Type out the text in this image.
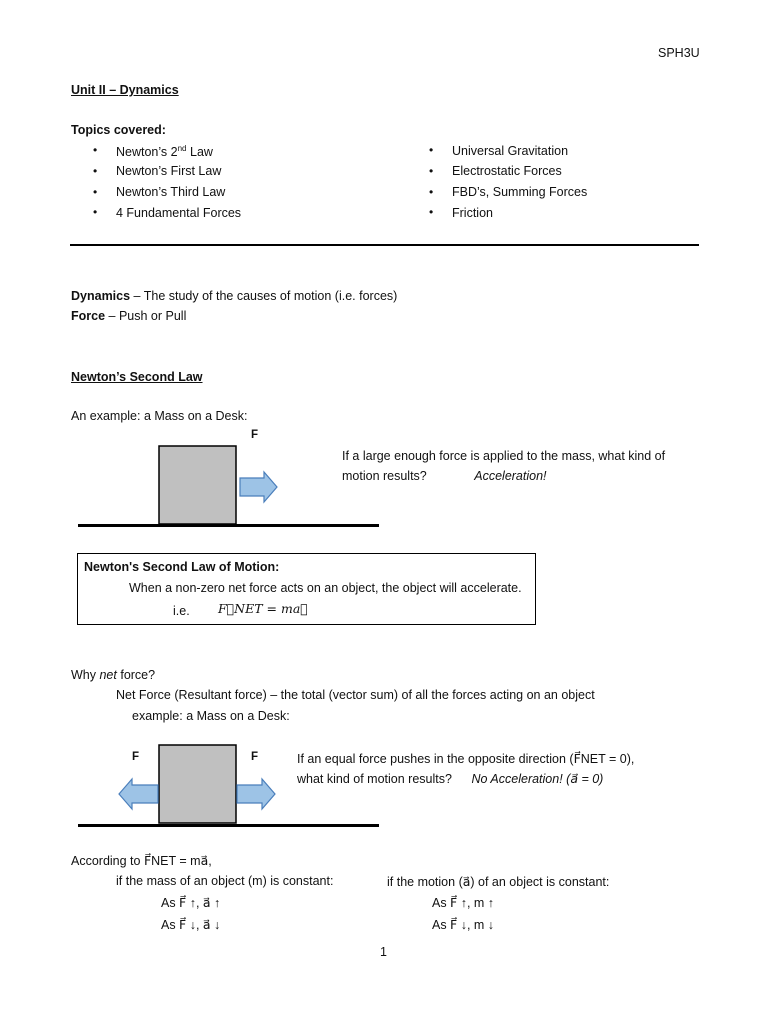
SPH3U
Unit II – Dynamics
Topics covered:
• Newton’s 2nd Law
• Newton’s First Law
• Newton’s Third Law
• 4 Fundamental Forces
• Universal Gravitation
• Electrostatic Forces
• FBD’s, Summing Forces
• Friction
Dynamics – The study of the causes of motion (i.e. forces)
Force – Push or Pull
Newton’s Second Law
An example: a Mass on a Desk:
F
If a large enough force is applied to the mass, what kind of
motion results?	Acceleration!
Newton's Second Law of Motion:
When a non-zero net force acts on an object, the object will accelerate.
i.e. F⃗NET = ma⃗
Why net force?
Net Force (Resultant force) – the total (vector sum) of all the forces acting on an object
example: a Mass on a Desk:
F	F	If an equal force pushes in the opposite direction (F⃗NET = 0),
what kind of motion results? No Acceleration! (a⃗ = 0)
According to F⃗NET = ma⃗,
if the mass of an object (m) is constant:
As F⃗ ↑, a⃗ ↑
As F⃗ ↓, a⃗ ↓
if the motion (a⃗) of an object is constant:
As F⃗ ↑, m ↑
As F⃗ ↓, m ↓
1
